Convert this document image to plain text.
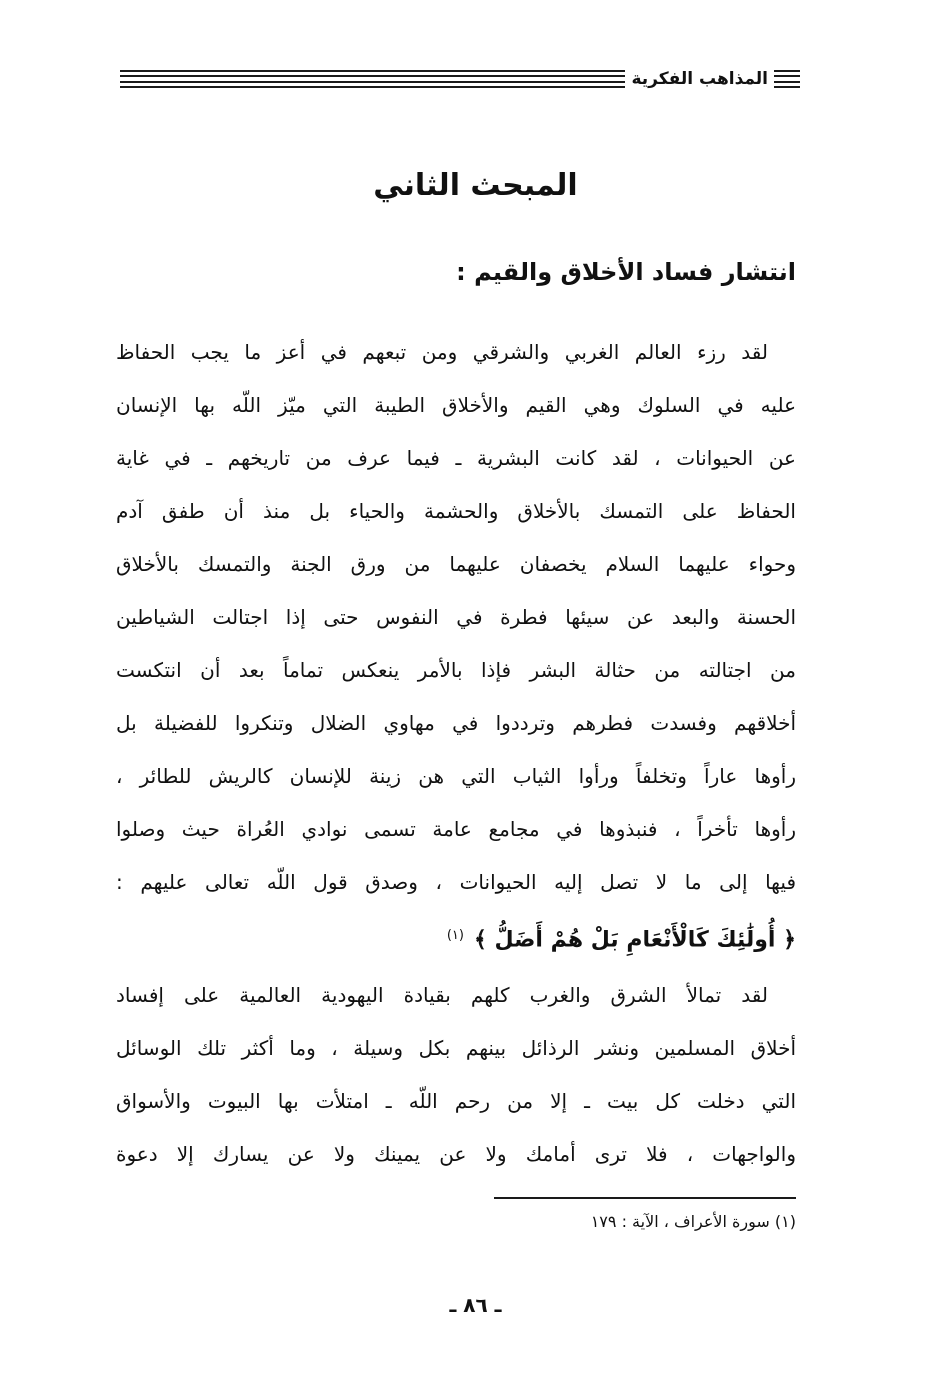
المذاهب الفكرية
المبحث الثاني
انتشار فساد الأخلاق والقيم :
لقد رزء العالم الغربي والشرقي ومن تبعهم في أعز ما يجب الحفاظ
عليه في السلوك وهي القيم والأخلاق الطيبة التي ميّز اللّه بها الإنسان
عن الحيوانات ، لقد كانت البشرية ـ فيما عرف من تاريخهم ـ في غاية
الحفاظ على التمسك بالأخلاق والحشمة والحياء بل منذ أن طفق آدم
وحواء عليهما السلام يخصفان عليهما من ورق الجنة والتمسك بالأخلاق
الحسنة والبعد عن سيئها فطرة في النفوس حتى إذا اجتالت الشياطين
من اجتالته من حثالة البشر فإذا بالأمر ينعكس تماماً بعد أن انتكست
أخلاقهم وفسدت فطرهم وترددوا في مهاوي الضلال وتنكروا للفضيلة بل
رأوها عاراً وتخلفاً ورأوا الثياب التي هن زينة للإنسان كالريش للطائر ،
رأوها تأخراً ، فنبذوها في مجامع عامة تسمى نوادي العُراة حيث وصلوا
فيها إلى ما لا تصل إليه الحيوانات ، وصدق قول اللّه تعالى عليهم :
﴿ أُولَٰئِكَ كَالْأَنْعَامِ بَلْ هُمْ أَضَلُّ ﴾$^{(١)}$
لقد تمالأ الشرق والغرب كلهم بقيادة اليهودية العالمية على إفساد
أخلاق المسلمين ونشر الرذائل بينهم بكل وسيلة ، وما أكثر تلك الوسائل
التي دخلت كل بيت ـ إلا من رحم اللّه ـ امتلأت بها البيوت والأسواق
والواجهات ، فلا ترى أمامك ولا عن يمينك ولا عن يسارك إلا دعوة
(١) سورة الأعراف ، الآية : ١٧٩
ـ ٨٦ ـ
